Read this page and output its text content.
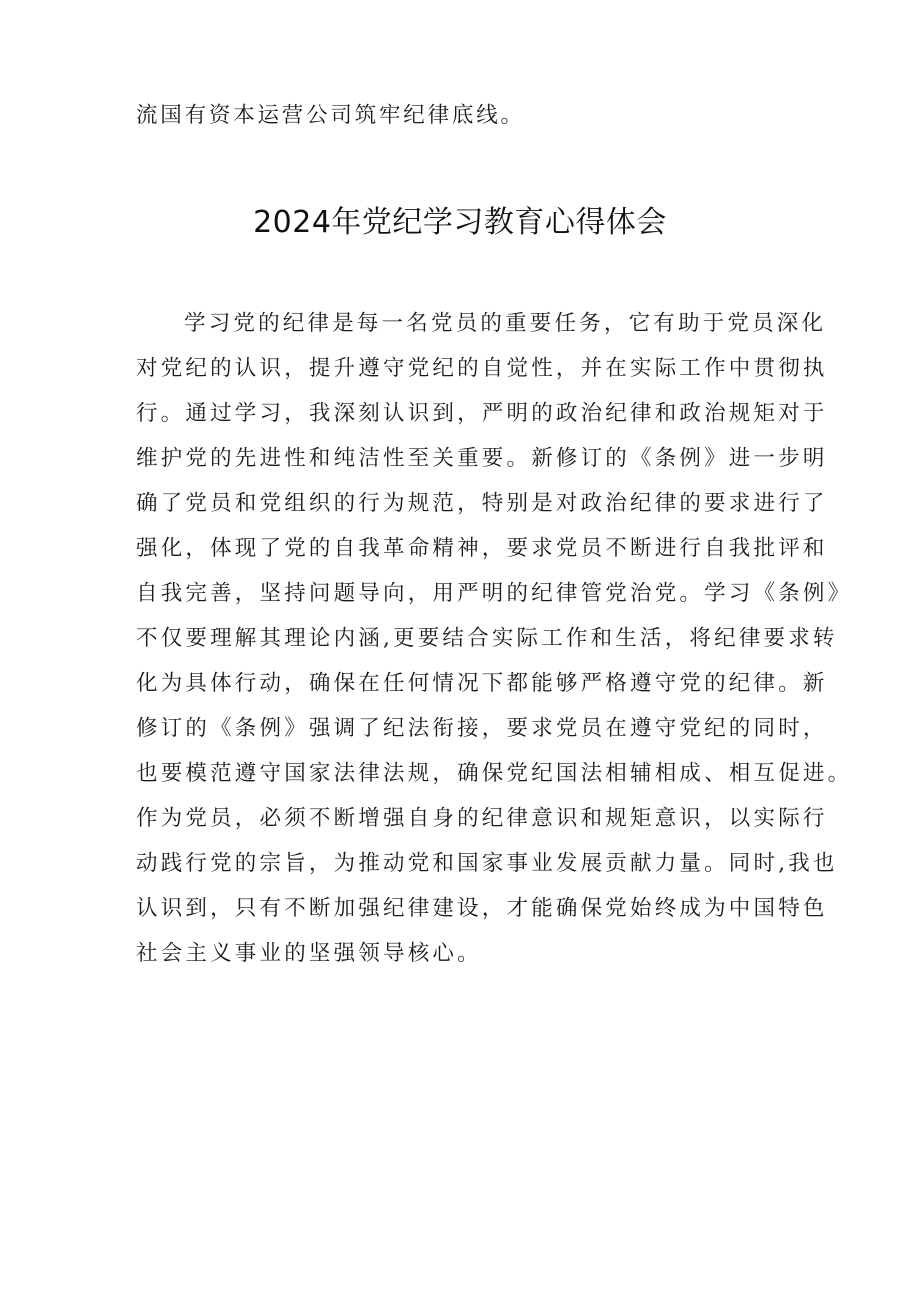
流国有资本运营公司筑牢纪律底线。
2024年党纪学习教育心得体会
学习党的纪律是每一名党员的重要任务，它有助于党员深化
对党纪的认识，提升遵守党纪的自觉性，并在实际工作中贯彻执
行。通过学习，我深刻认识到，严明的政治纪律和政治规矩对于
维护党的先进性和纯洁性至关重要。新修订的《条例》进一步明
确了党员和党组织的行为规范，特别是对政治纪律的要求进行了
强化，体现了党的自我革命精神，要求党员不断进行自我批评和
自我完善，坚持问题导向，用严明的纪律管党治党。学习《条例》
不仅要理解其理论内涵,更要结合实际工作和生活，将纪律要求转
化为具体行动，确保在任何情况下都能够严格遵守党的纪律。新
修订的《条例》强调了纪法衔接，要求党员在遵守党纪的同时，
也要模范遵守国家法律法规，确保党纪国法相辅相成、相互促进。
作为党员，必须不断增强自身的纪律意识和规矩意识，以实际行
动践行党的宗旨，为推动党和国家事业发展贡献力量。同时,我也
认识到，只有不断加强纪律建设，才能确保党始终成为中国特色
社会主义事业的坚强领导核心。
